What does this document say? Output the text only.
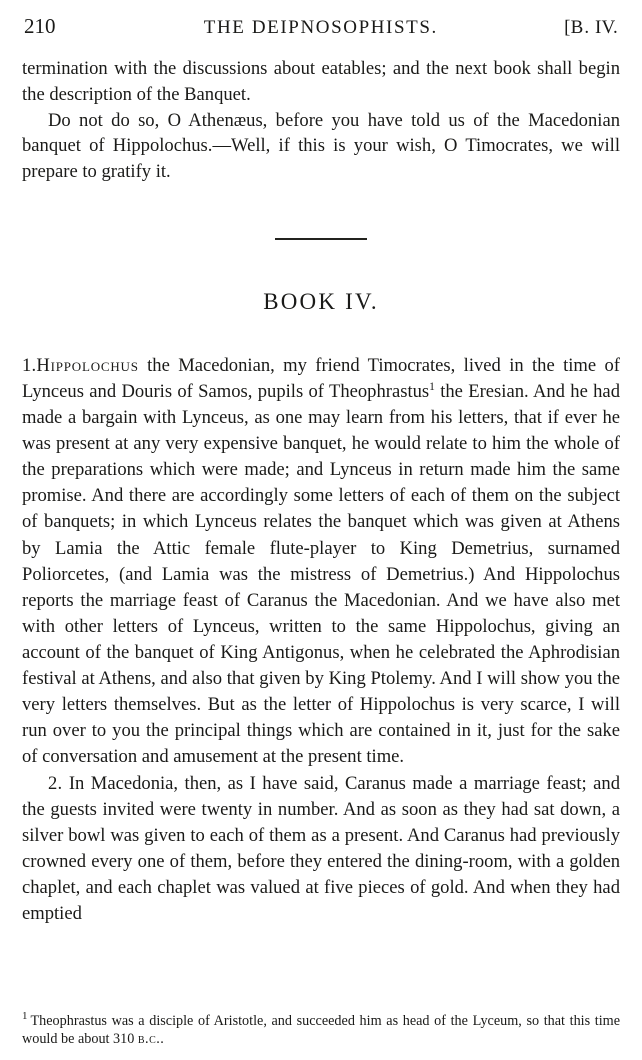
210	THE DEIPNOSOPHISTS.	[B. IV.

termination with the discussions about eatables; and the next book shall begin the description of the Banquet.

Do not do so, O Athenæus, before you have told us of the Macedonian banquet of Hippolochus.—Well, if this is your wish, O Timocrates, we will prepare to gratify it.

BOOK IV.

1.Hippolochus the Macedonian, my friend Timocrates, lived in the time of Lynceus and Douris of Samos, pupils of Theophrastus$^1$ the Eresian. And he had made a bargain with Lynceus, as one may learn from his letters, that if ever he was present at any very expensive banquet, he would relate to him the whole of the preparations which were made; and Lynceus in return made him the same promise. And there are accordingly some letters of each of them on the subject of banquets; in which Lynceus relates the banquet which was given at Athens by Lamia the Attic female flute-player to King Demetrius, surnamed Poliorcetes, (and Lamia was the mistress of Demetrius.) And Hippolochus reports the marriage feast of Caranus the Macedonian. And we have also met with other letters of Lynceus, written to the same Hippolochus, giving an account of the banquet of King Antigonus, when he celebrated the Aphrodisian festival at Athens, and also that given by King Ptolemy. And I will show you the very letters themselves. But as the letter of Hippolochus is very scarce, I will run over to you the principal things which are contained in it, just for the sake of conversation and amusement at the present time.

2. In Macedonia, then, as I have said, Caranus made a marriage feast; and the guests invited were twenty in number. And as soon as they had sat down, a silver bowl was given to each of them as a present. And Caranus had previously crowned every one of them, before they entered the dining-room, with a golden chaplet, and each chaplet was valued at five pieces of gold. And when they had emptied

$^1$ Theophrastus was a disciple of Aristotle, and succeeded him as head of the Lyceum, so that this time would be about 310 b.c..
